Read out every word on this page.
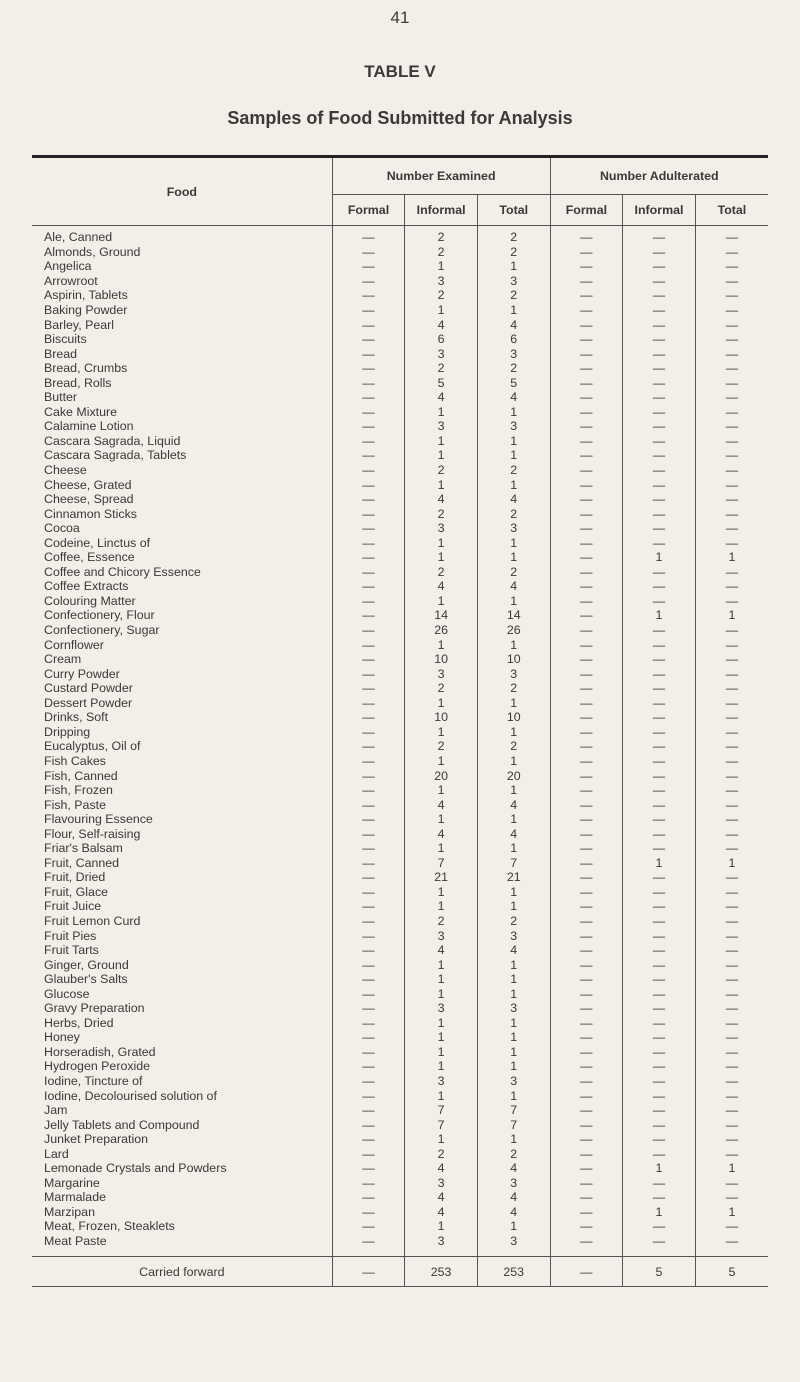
41
TABLE V
Samples of Food Submitted for Analysis
Food	Number Examined			Number Adulterated		
	Formal	Informal	Total	Formal	Informal	Total

Ale, Canned	—	2	2	—	—	—

Almonds, Ground	—	2	2	—	—	—

Angelica	—	1	1	—	—	—

Arrowroot	—	3	3	—	—	—

Aspirin, Tablets	—	2	2	—	—	—

Baking Powder	—	1	1	—	—	—

Barley, Pearl	—	4	4	—	—	—

Biscuits	—	6	6	—	—	—

Bread	—	3	3	—	—	—

Bread, Crumbs	—	2	2	—	—	—

Bread, Rolls	—	5	5	—	—	—

Butter	—	4	4	—	—	—

Cake Mixture	—	1	1	—	—	—

Calamine Lotion	—	3	3	—	—	—

Cascara Sagrada, Liquid	—	1	1	—	—	—

Cascara Sagrada, Tablets	—	1	1	—	—	—

Cheese	—	2	2	—	—	—

Cheese, Grated	—	1	1	—	—	—

Cheese, Spread	—	4	4	—	—	—

Cinnamon Sticks	—	2	2	—	—	—

Cocoa	—	3	3	—	—	—

Codeine, Linctus of	—	1	1	—	—	—

Coffee, Essence	—	1	1	—	1	1

Coffee and Chicory Essence	—	2	2	—	—	—

Coffee Extracts	—	4	4	—	—	—

Colouring Matter	—	1	1	—	—	—

Confectionery, Flour	—	14	14	—	1	1

Confectionery, Sugar	—	26	26	—	—	—

Cornflower	—	1	1	—	—	—

Cream	—	10	10	—	—	—

Curry Powder	—	3	3	—	—	—

Custard Powder	—	2	2	—	—	—

Dessert Powder	—	1	1	—	—	—

Drinks, Soft	—	10	10	—	—	—

Dripping	—	1	1	—	—	—

Eucalyptus, Oil of	—	2	2	—	—	—

Fish Cakes	—	1	1	—	—	—

Fish, Canned	—	20	20	—	—	—

Fish, Frozen	—	1	1	—	—	—

Fish, Paste	—	4	4	—	—	—

Flavouring Essence	—	1	1	—	—	—

Flour, Self-raising	—	4	4	—	—	—

Friar's Balsam	—	1	1	—	—	—

Fruit, Canned	—	7	7	—	1	1

Fruit, Dried	—	21	21	—	—	—

Fruit, Glace	—	1	1	—	—	—

Fruit Juice	—	1	1	—	—	—

Fruit Lemon Curd	—	2	2	—	—	—

Fruit Pies	—	3	3	—	—	—

Fruit Tarts	—	4	4	—	—	—

Ginger, Ground	—	1	1	—	—	—

Glauber's Salts	—	1	1	—	—	—

Glucose	—	1	1	—	—	—

Gravy Preparation	—	3	3	—	—	—

Herbs, Dried	—	1	1	—	—	—

Honey	—	1	1	—	—	—

Horseradish, Grated	—	1	1	—	—	—

Hydrogen Peroxide	—	1	1	—	—	—

Iodine, Tincture of	—	3	3	—	—	—

Iodine, Decolourised solution of	—	1	1	—	—	—

Jam	—	7	7	—	—	—

Jelly Tablets and Compound	—	7	7	—	—	—

Junket Preparation	—	1	1	—	—	—

Lard	—	2	2	—	—	—

Lemonade Crystals and Powders	—	4	4	—	1	1

Margarine	—	3	3	—	—	—

Marmalade	—	4	4	—	—	—

Marzipan	—	4	4	—	1	1

Meat, Frozen, Steaklets	—	1	1	—	—	—

Meat Paste	—	3	3	—	—	—

Carried forward	—	253	253	—	5	5
